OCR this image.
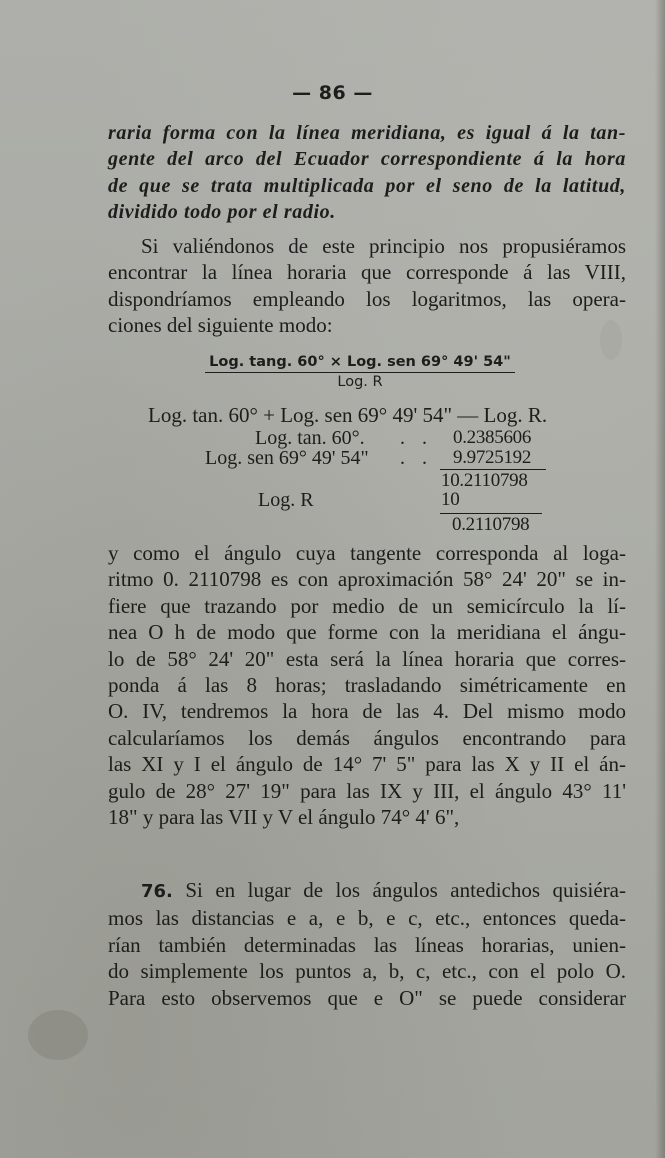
— 86 —
raria forma con la línea meridiana, es igual á la tan-
gente del arco del Ecuador correspondiente á la hora
de que se trata multiplicada por el seno de la latitud,
dividido todo por el radio.
Si valiéndonos de este principio nos propusiéramos
encontrar la línea horaria que corresponde á las VIII,
dispondríamos empleando los logaritmos, las opera-
ciones del siguiente modo:
Log. tang. 60° × Log. sen 69° 49' 54"
Log. R
Log. tan. 60° + Log. sen 69° 49' 54" — Log. R.
Log. tan. 60°. . . 0.2385606
Log. sen 69° 49' 54" . . 9.9725192
10.2110798
Log. R	10
0.2110798
y como el ángulo cuya tangente corresponda al loga-
ritmo 0. 2110798 es con aproximación 58° 24' 20" se in-
fiere que trazando por medio de un semicírculo la lí-
nea O h de modo que forme con la meridiana el ángu-
lo de 58° 24' 20" esta será la línea horaria que corres-
ponda á las 8 horas; trasladando simétricamente en
O. IV, tendremos la hora de las 4. Del mismo modo
calcularíamos los demás ángulos encontrando para
las XI y I el ángulo de 14° 7' 5" para las X y II el án-
gulo de 28° 27' 19" para las IX y III, el ángulo 43° 11'
18" y para las VII y V el ángulo 74° 4' 6",
76. Si en lugar de los ángulos antedichos quisiéra-
mos las distancias e a, e b, e c, etc., entonces queda-
rían también determinadas las líneas horarias, unien-
do simplemente los puntos a, b, c, etc., con el polo O.
Para esto observemos que e O" se puede considerar
